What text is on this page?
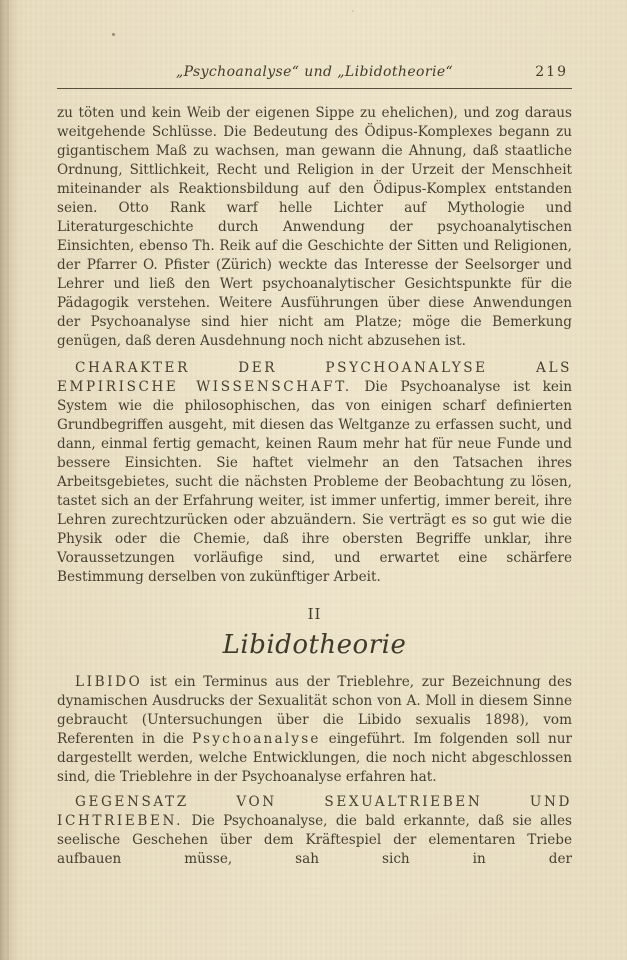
„Psychoanalyse“ und „Libidotheorie“	219

zu töten und kein Weib der eigenen Sippe zu ehelichen), und zog daraus weitgehende Schlüsse. Die Bedeutung des Ödipus-Komplexes begann zu gigantischem Maß zu wachsen, man gewann die Ahnung, daß staatliche Ordnung, Sittlichkeit, Recht und Religion in der Urzeit der Menschheit miteinander als Reaktionsbildung auf den Ödipus-Komplex entstanden seien. Otto Rank warf helle Lichter auf Mythologie und Literaturgeschichte durch Anwendung der psychoanalytischen Einsichten, ebenso Th. Reik auf die Geschichte der Sitten und Religionen, der Pfarrer O. Pfister (Zürich) weckte das Interesse der Seelsorger und Lehrer und ließ den Wert psychoanalytischer Gesichtspunkte für die Pädagogik verstehen. Weitere Ausführungen über diese Anwendungen der Psychoanalyse sind hier nicht am Platze; möge die Bemerkung genügen, daß deren Ausdehnung noch nicht abzusehen ist.

CHARAKTER DER PSYCHOANALYSE ALS EMPIRISCHE WISSENSCHAFT. Die Psychoanalyse ist kein System wie die philosophischen, das von einigen scharf definierten Grundbegriffen ausgeht, mit diesen das Weltganze zu erfassen sucht, und dann, einmal fertig gemacht, keinen Raum mehr hat für neue Funde und bessere Einsichten. Sie haftet vielmehr an den Tatsachen ihres Arbeitsgebietes, sucht die nächsten Probleme der Beobachtung zu lösen, tastet sich an der Erfahrung weiter, ist immer unfertig, immer bereit, ihre Lehren zurechtzurücken oder abzuändern. Sie verträgt es so gut wie die Physik oder die Chemie, daß ihre obersten Begriffe unklar, ihre Voraussetzungen vorläufige sind, und erwartet eine schärfere Bestimmung derselben von zukünftiger Arbeit.

II
Libidotheorie

LIBIDO ist ein Terminus aus der Trieblehre, zur Bezeichnung des dynamischen Ausdrucks der Sexualität schon von A. Moll in diesem Sinne gebraucht (Untersuchungen über die Libido sexualis 1898), vom Referenten in die Psychoanalyse eingeführt. Im folgenden soll nur dargestellt werden, welche Entwicklungen, die noch nicht abgeschlossen sind, die Trieblehre in der Psychoanalyse erfahren hat.

GEGENSATZ VON SEXUALTRIEBEN UND ICHTRIEBEN. Die Psychoanalyse, die bald erkannte, daß sie alles seelische Geschehen über dem Kräftespiel der elementaren Triebe aufbauen müsse, sah sich in der
